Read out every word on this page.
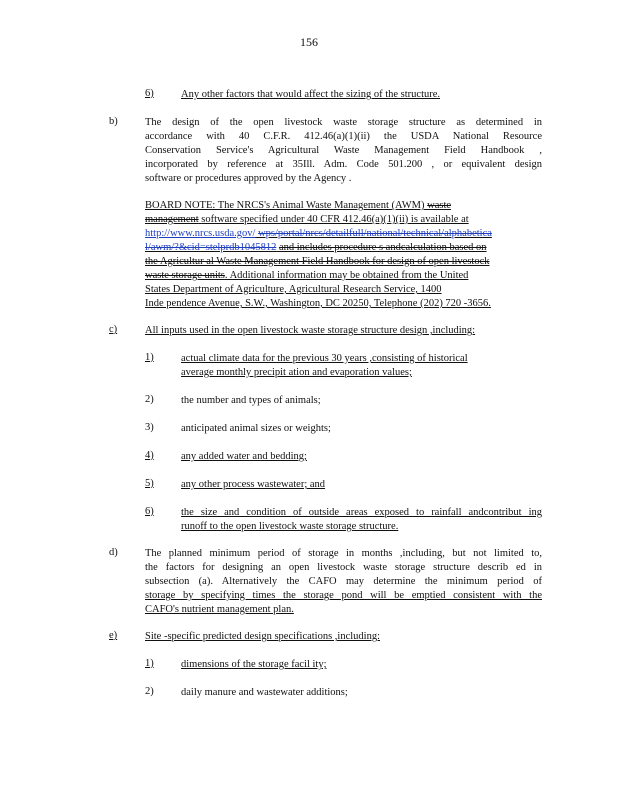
156
6)	Any other factors that would affect the sizing of the structure.
b)	The design of the open livestock waste storage structure as determined in
accordance with 40 C.F.R. 412.46(a)(1)(ii) the USDA National Resource
Conservation Service's Agricultural Waste Management Field Handbook ,
incorporated by reference at 35Ill. Adm. Code 501.200 , or equivalent design
software or procedures approved by the Agency .
BOARD NOTE: The NRCS's Animal Waste Management (AWM) waste
management software specified under 40 CFR 412.46(a)(1)(ii) is available at
http://www.nrcs.usda.gov/ wps/portal/nrcs/detailfull/national/technical/alphabetica
l/awm/?&cid=stelprdb1045812 and includes procedure s andcalculation based on
the Agricultur al Waste Management Field Handbook for design of open livestock
waste storage units. Additional information may be obtained from the United
States Department of Agriculture, Agricultural Research Service, 1400
Inde pendence Avenue, S.W., Washington, DC 20250, Telephone (202) 720 -3656.
c)	All inputs used in the open livestock waste storage structure design ,including:
1)	actual climate data for the previous 30 years ,consisting of historical
average monthly precipit ation and evaporation values;
2)	the number and types of animals;
3)	anticipated animal sizes or weights;
4)	any added water and bedding;
5)	any other process wastewater; and
6)	the size and condition of outside areas exposed to rainfall andcontribut ing
runoff to the open livestock waste storage structure.
d)	The planned minimum period of storage in months ,including, but not limited to,
the factors for designing an open livestock waste storage structure describ ed in
subsection (a). Alternatively the CAFO may determine the minimum period of
storage by specifying times the storage pond will be emptied consistent with the
CAFO's nutrient management plan.
e)	Site -specific predicted design specifications ,including:
1)	dimensions of the storage facil ity;
2)	daily manure and wastewater additions;
